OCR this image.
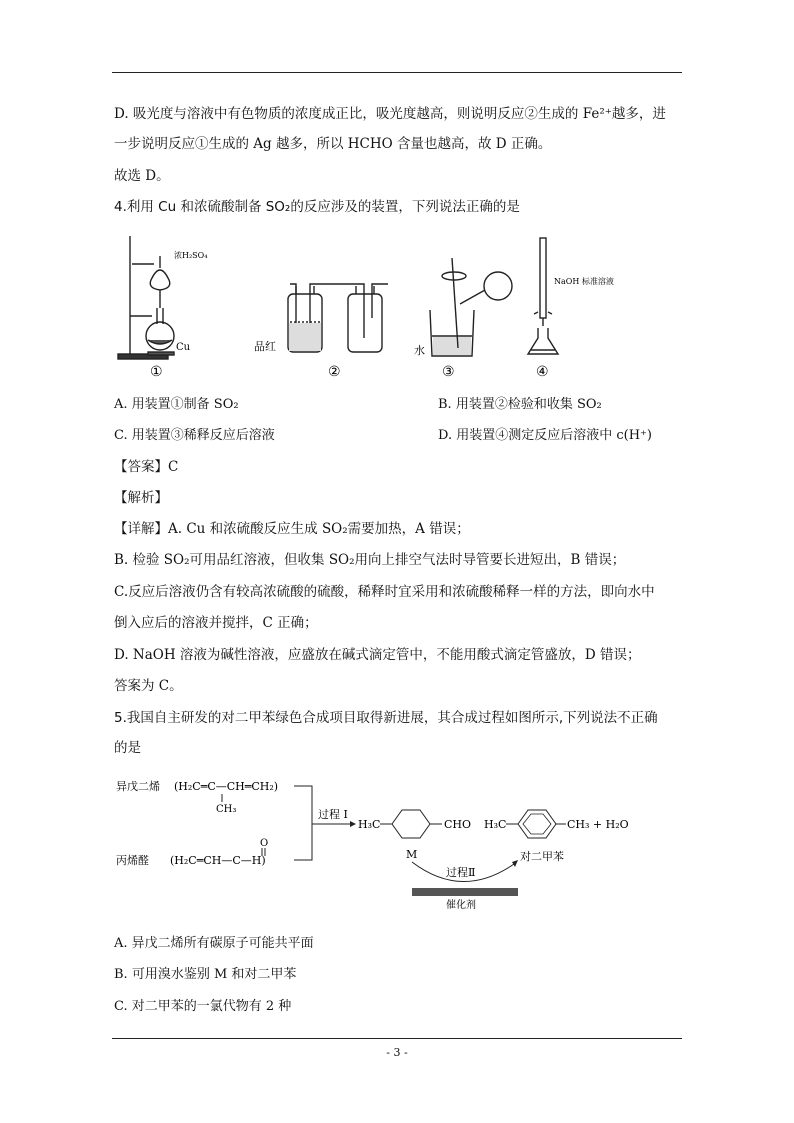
D. 吸光度与溶液中有色物质的浓度成正比，吸光度越高，则说明反应②生成的 Fe²⁺越多，进
一步说明反应①生成的 Ag 越多，所以 HCHO 含量也越高，故 D 正确。
故选 D。
4.利用 Cu 和浓硫酸制备 SO₂的反应涉及的装置，下列说法正确的是
浓H₂SO₄
Cu
①
品红
②
水
③
NaOH 标准溶液
④
A. 用装置①制备 SO₂	B. 用装置②检验和收集 SO₂
C. 用装置③稀释反应后溶液	D. 用装置④测定反应后溶液中 c(H⁺)
【答案】C
【解析】
【详解】A. Cu 和浓硫酸反应生成 SO₂需要加热，A 错误；
B. 检验 SO₂可用品红溶液，但收集 SO₂用向上排空气法时导管要长进短出，B 错误；
C.反应后溶液仍含有较高浓硫酸的硫酸，稀释时宜采用和浓硫酸稀释一样的方法，即向水中
倒入应后的溶液并搅拌，C 正确；
D. NaOH 溶液为碱性溶液，应盛放在碱式滴定管中，不能用酸式滴定管盛放，D 错误；
答案为 C。
5.我国自主研发的对二甲苯绿色合成项目取得新进展，其合成过程如图所示,下列说法不正确
的是
异戊二烯 (H₂C═C—CH═CH₂)
CH₃
O
丙烯醛 (H₂C═CH—C—H)
过程 I
H₃C	CHO
M
H₃C	CH₃ + H₂O
对二甲苯
过程Ⅱ
催化剂
A. 异戊二烯所有碳原子可能共平面
B. 可用溴水鉴别 M 和对二甲苯
C. 对二甲苯的一氯代物有 2 种
- 3 -
